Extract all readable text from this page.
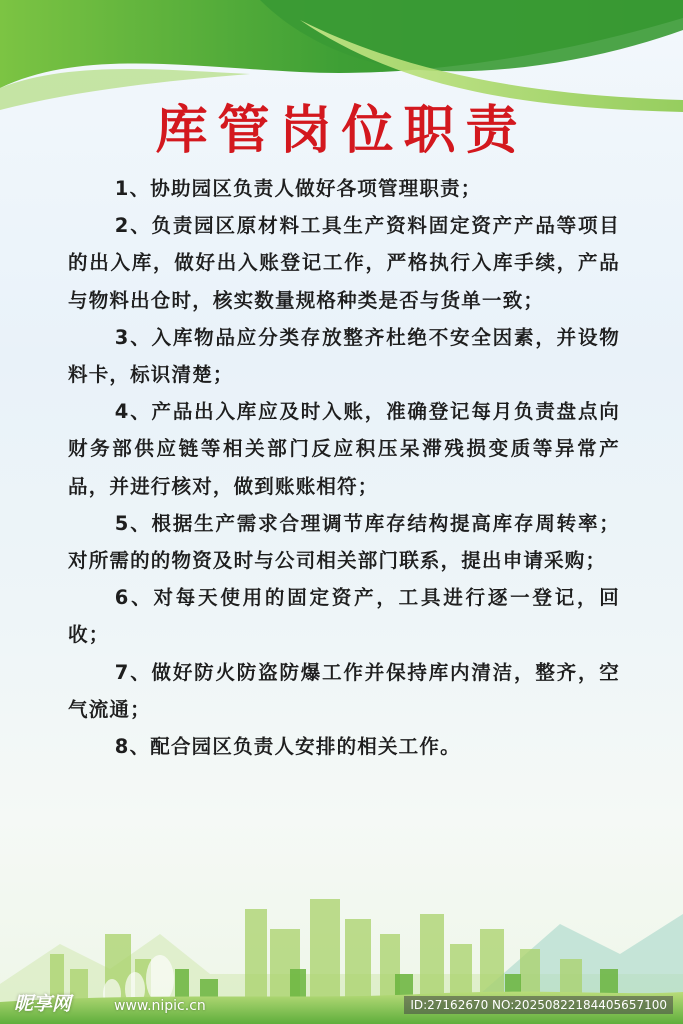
库管岗位职责

1、协助园区负责人做好各项管理职责；

2、负责园区原材料工具生产资料固定资产产品等项目的出入库，做好出入账登记工作，严格执行入库手续，产品与物料出仓时，核实数量规格种类是否与货单一致；

3、入库物品应分类存放整齐杜绝不安全因素，并设物料卡，标识清楚；

4、产品出入库应及时入账，准确登记每月负责盘点向财务部供应链等相关部门反应积压呆滞残损变质等异常产品，并进行核对，做到账账相符；

5、根据生产需求合理调节库存结构提高库存周转率；对所需的的物资及时与公司相关部门联系，提出申请采购；

6、对每天使用的固定资产，工具进行逐一登记，回收；

7、做好防火防盗防爆工作并保持库内清洁，整齐，空气流通；

8、配合园区负责人安排的相关工作。

昵享网	www.nipic.cn	ID:27162670 NO:20250822184405657100
